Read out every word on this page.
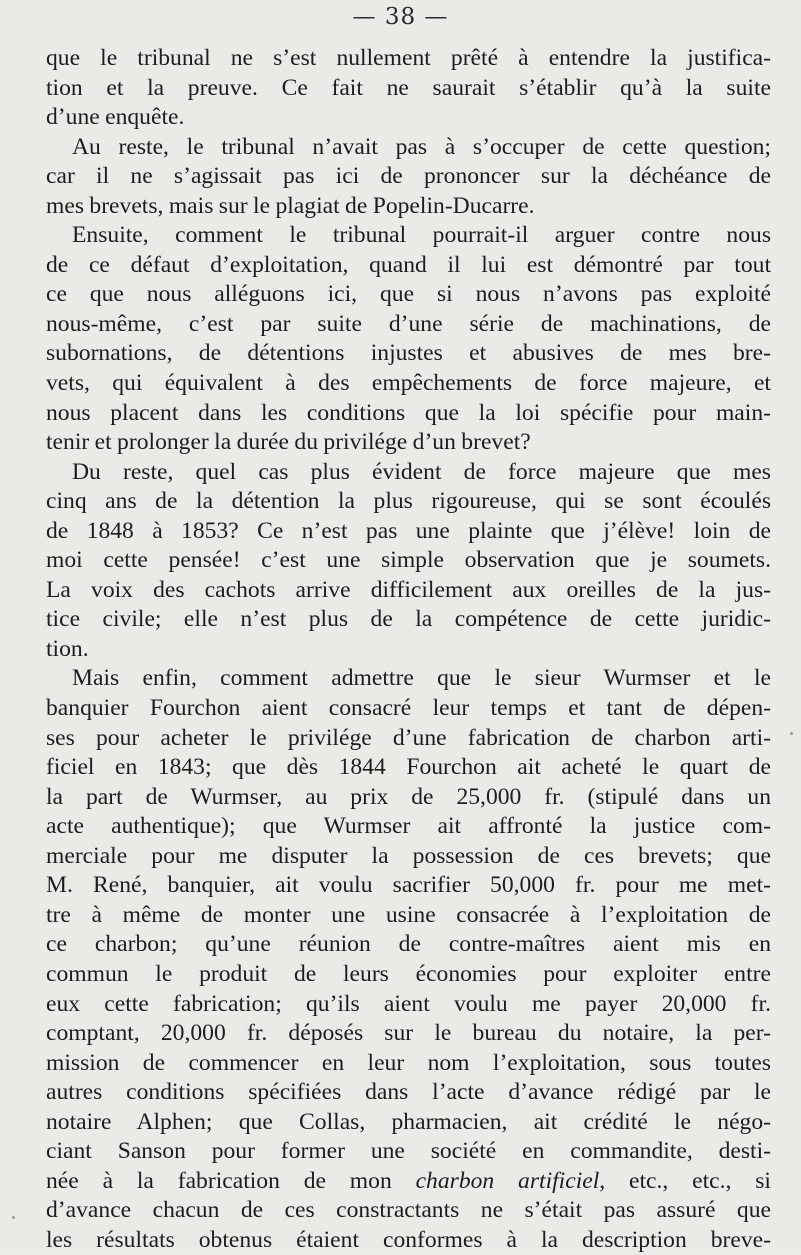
— 38 —
que le tribunal ne s’est nullement prêté à entendre la justifica-
tion et la preuve. Ce fait ne saurait s’établir qu’à la suite
d’une enquête.
Au reste, le tribunal n’avait pas à s’occuper de cette question;
car il ne s’agissait pas ici de prononcer sur la déchéance de
mes brevets, mais sur le plagiat de Popelin-Ducarre.
Ensuite, comment le tribunal pourrait-il arguer contre nous
de ce défaut d’exploitation, quand il lui est démontré par tout
ce que nous alléguons ici, que si nous n’avons pas exploité
nous-même, c’est par suite d’une série de machinations, de
subornations, de détentions injustes et abusives de mes bre-
vets, qui équivalent à des empêchements de force majeure, et
nous placent dans les conditions que la loi spécifie pour main-
tenir et prolonger la durée du privilége d’un brevet?
Du reste, quel cas plus évident de force majeure que mes
cinq ans de la détention la plus rigoureuse, qui se sont écoulés
de 1848 à 1853? Ce n’est pas une plainte que j’élève! loin de
moi cette pensée! c’est une simple observation que je soumets.
La voix des cachots arrive difficilement aux oreilles de la jus-
tice civile; elle n’est plus de la compétence de cette juridic-
tion.
Mais enfin, comment admettre que le sieur Wurmser et le
banquier Fourchon aient consacré leur temps et tant de dépen-
ses pour acheter le privilége d’une fabrication de charbon arti-
ficiel en 1843; que dès 1844 Fourchon ait acheté le quart de
la part de Wurmser, au prix de 25,000 fr. (stipulé dans un
acte authentique); que Wurmser ait affronté la justice com-
merciale pour me disputer la possession de ces brevets; que
M. René, banquier, ait voulu sacrifier 50,000 fr. pour me met-
tre à même de monter une usine consacrée à l’exploitation de
ce charbon; qu’une réunion de contre-maîtres aient mis en
commun le produit de leurs économies pour exploiter entre
eux cette fabrication; qu’ils aient voulu me payer 20,000 fr.
comptant, 20,000 fr. déposés sur le bureau du notaire, la per-
mission de commencer en leur nom l’exploitation, sous toutes
autres conditions spécifiées dans l’acte d’avance rédigé par le
notaire Alphen; que Collas, pharmacien, ait crédité le négo-
ciant Sanson pour former une société en commandite, desti-
née à la fabrication de mon charbon artificiel, etc., etc., si
d’avance chacun de ces constractants ne s’était pas assuré que
les résultats obtenus étaient conformes à la description breve-
